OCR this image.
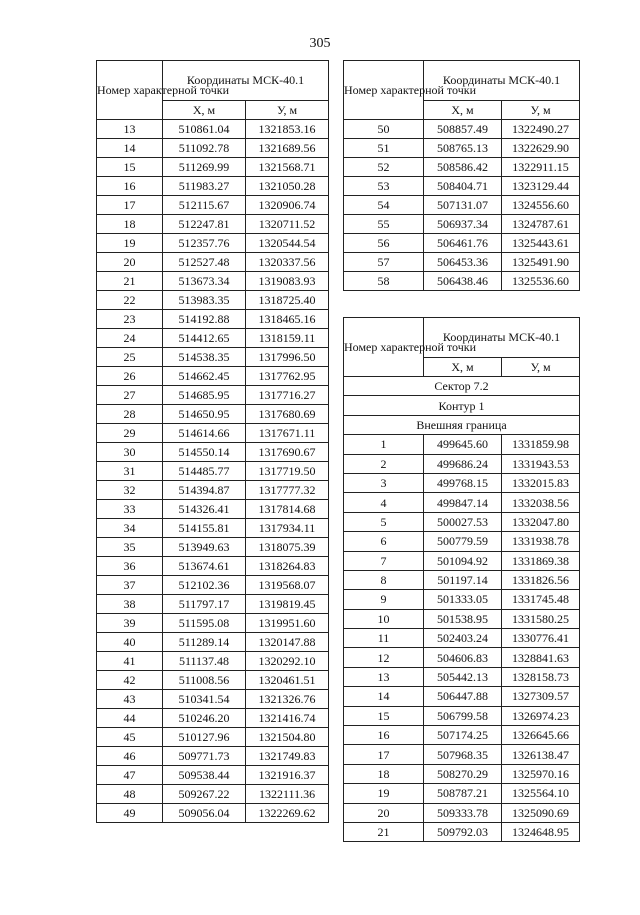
305
Номер характерной точки	Координаты МСК-40.1	
	Х, м	У, м
13	510861.04	1321853.16
14	511092.78	1321689.56
15	511269.99	1321568.71
16	511983.27	1321050.28
17	512115.67	1320906.74
18	512247.81	1320711.52
19	512357.76	1320544.54
20	512527.48	1320337.56
21	513673.34	1319083.93
22	513983.35	1318725.40
23	514192.88	1318465.16
24	514412.65	1318159.11
25	514538.35	1317996.50
26	514662.45	1317762.95
27	514685.95	1317716.27
28	514650.95	1317680.69
29	514614.66	1317671.11
30	514550.14	1317690.67
31	514485.77	1317719.50
32	514394.87	1317777.32
33	514326.41	1317814.68
34	514155.81	1317934.11
35	513949.63	1318075.39
36	513674.61	1318264.83
37	512102.36	1319568.07
38	511797.17	1319819.45
39	511595.08	1319951.60
40	511289.14	1320147.88
41	511137.48	1320292.10
42	511008.56	1320461.51
43	510341.54	1321326.76
44	510246.20	1321416.74
45	510127.96	1321504.80
46	509771.73	1321749.83
47	509538.44	1321916.37
48	509267.22	1322111.36
49	509056.04	1322269.62
Номер характерной точки	Координаты МСК-40.1	
	Х, м	У, м
50	508857.49	1322490.27
51	508765.13	1322629.90
52	508586.42	1322911.15
53	508404.71	1323129.44
54	507131.07	1324556.60
55	506937.34	1324787.61
56	506461.76	1325443.61
57	506453.36	1325491.90
58	506438.46	1325536.60
Номер характерной точки	Координаты МСК-40.1	
	Х, м	У, м
Сектор 7.2		
Контур 1		
Внешняя граница		
1	499645.60	1331859.98
2	499686.24	1331943.53
3	499768.15	1332015.83
4	499847.14	1332038.56
5	500027.53	1332047.80
6	500779.59	1331938.78
7	501094.92	1331869.38
8	501197.14	1331826.56
9	501333.05	1331745.48
10	501538.95	1331580.25
11	502403.24	1330776.41
12	504606.83	1328841.63
13	505442.13	1328158.73
14	506447.88	1327309.57
15	506799.58	1326974.23
16	507174.25	1326645.66
17	507968.35	1326138.47
18	508270.29	1325970.16
19	508787.21	1325564.10
20	509333.78	1325090.69
21	509792.03	1324648.95
